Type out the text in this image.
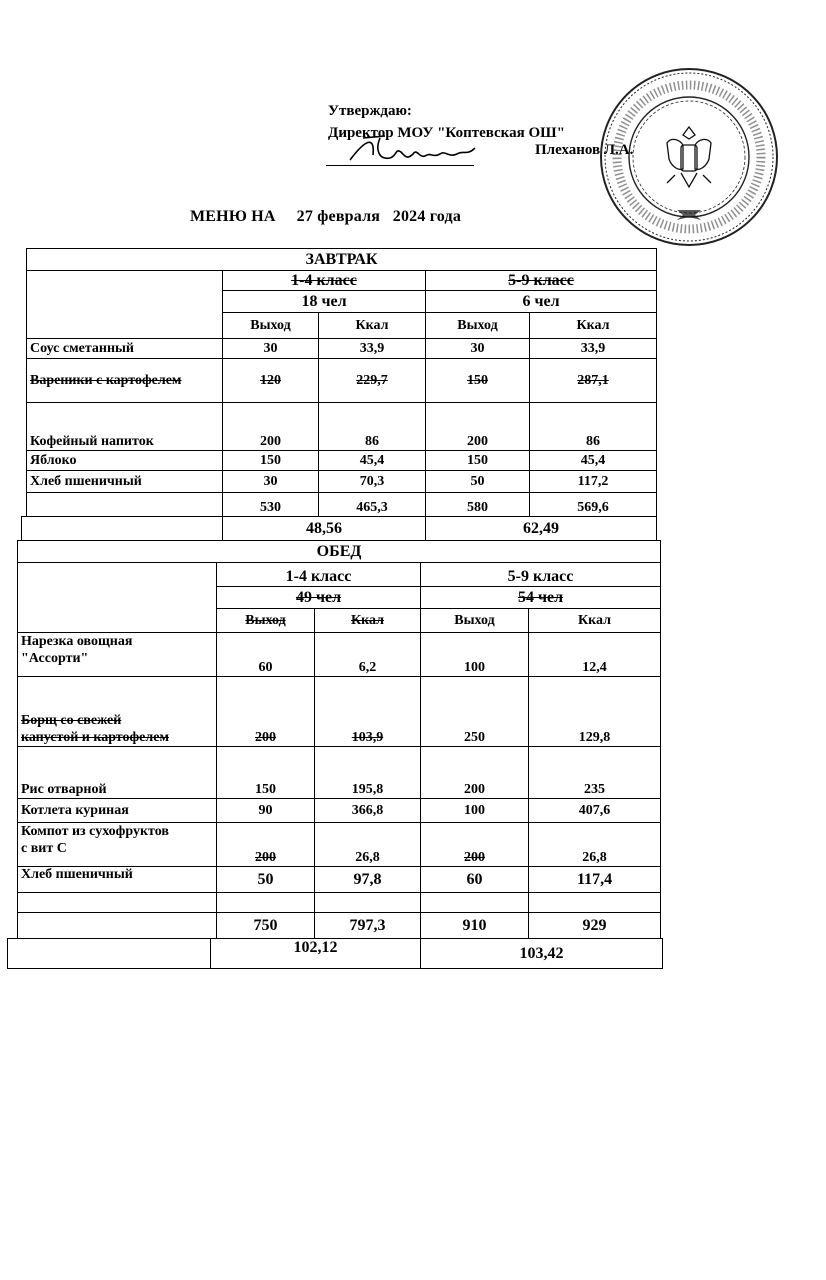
Утверждаю:
Директор МОУ "Коптевская ОШ"
Плеханов Л.А.
МЕНЮ НА 27 февраля   2024 года
ЗАВТРАК				
	1-4 класс		5-9 класс	
	18 чел		6 чел	
	Выход	Ккал	Выход	Ккал
Соус сметанный	30	33,9	30	33,9
Вареники с картофелем	120	229,7	150	287,1
Кофейный напиток	200	86	200	86
Яблоко	150	45,4	150	45,4
Хлеб пшеничный	30	70,3	50	117,2
	530	465,3	580	569,6
	48,56	62,49
ОБЕД				
	1-4 класс		5-9 класс	
	49 чел		54 чел	
	Выход	Ккал	Выход	Ккал
Нарезка овощная
"Ассорти"	60	6,2	100	12,4
Борщ со свежей
капустой и картофелем	200	103,9	250	129,8
Рис отварной	150	195,8	200	235
Котлета куриная	90	366,8	100	407,6
Компот из сухофруктов
с вит С	200	26,8	200	26,8
Хлеб пшеничный	50	97,8	60	117,4

	750	797,3	910	929
	102,12	103,42
